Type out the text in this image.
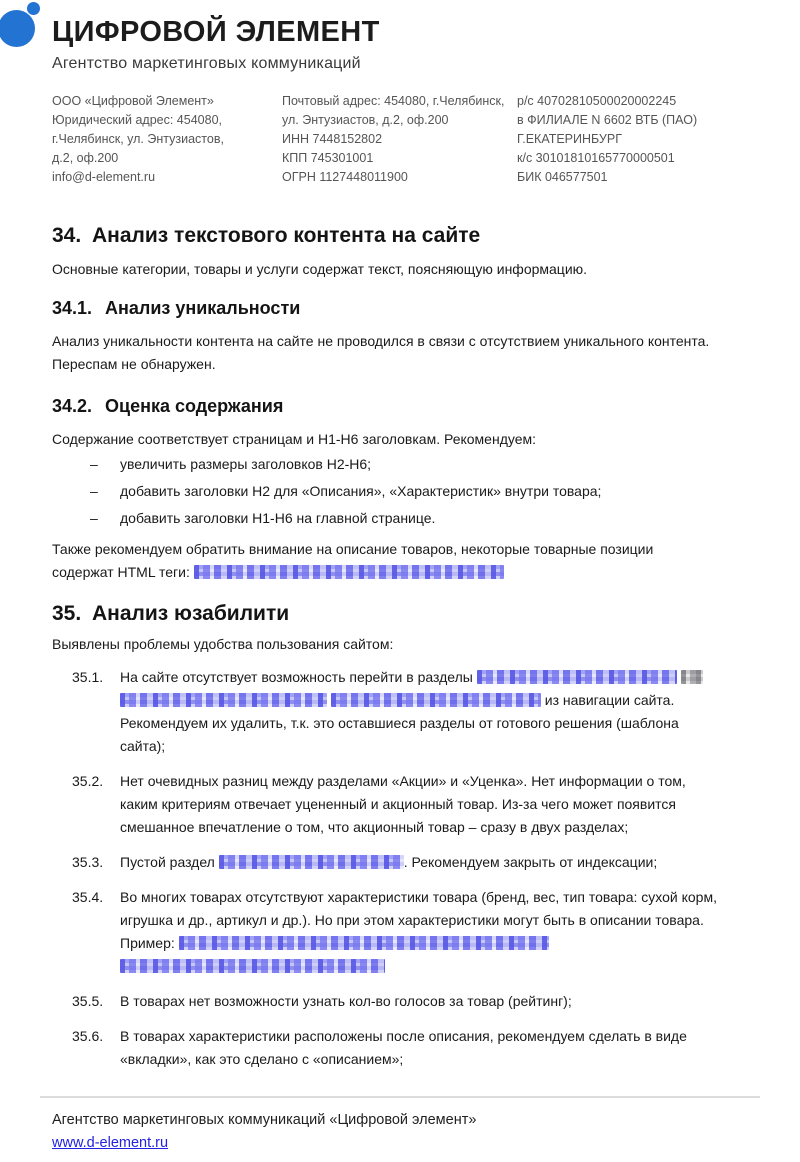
ЦИФРОВОЙ ЭЛЕМЕНТ
Агентство маркетинговых коммуникаций
ООО «Цифровой Элемент»
Юридический адрес: 454080,
г.Челябинск, ул. Энтузиастов,
д.2, оф.200
info@d-element.ru
Почтовый адрес: 454080, г.Челябинск,
ул. Энтузиастов, д.2, оф.200
ИНН 7448152802
КПП 745301001
ОГРН 1127448011900
р/с 40702810500020002245
в ФИЛИАЛЕ N 6602 ВТБ (ПАО)
Г.ЕКАТЕРИНБУРГ
к/с 30101810165770000501
БИК 046577501
34. Анализ текстового контента на сайте

Основные категории, товары и услуги содержат текст, поясняющую информацию.

34.1. Анализ уникальности

Анализ уникальности контента на сайте не проводился в связи с отсутствием уникального контента. Переспам не обнаружен.

34.2. Оценка содержания

Содержание соответствует страницам и H1-H6 заголовкам. Рекомендуем:

–	увеличить размеры заголовков H2-H6;
–	добавить заголовки H2 для «Описания», «Характеристик» внутри товара;
–	добавить заголовки H1-H6 на главной странице.

Также рекомендуем обратить внимание на описание товаров, некоторые товарные позиции содержат HTML теги:

35. Анализ юзабилити

Выявлены проблемы удобства пользования сайтом:

35.1.	На сайте отсутствует возможность перейти в разделы     из навигации сайта. Рекомендуем их удалить, т.к. это оставшиеся разделы от готового решения (шаблона сайта);
35.2.	Нет очевидных разниц между разделами «Акции» и «Уценка». Нет информации о том, каким критериям отвечает уцененный и акционный товар. Из-за чего может появится смешанное впечатление о том, что акционный товар – сразу в двух разделах;
35.3.	Пустой раздел	. Рекомендуем закрыть от индексации;
35.4.	Во многих товарах отсутствуют характеристики товара (бренд, вес, тип товара: сухой корм, игрушка и др., артикул и др.). Но при этом характеристики могут быть в описании товара. Пример:
35.5.	В товарах нет возможности узнать кол-во голосов за товар (рейтинг);
35.6.	В товарах характеристики расположены после описания, рекомендуем сделать в виде «вкладки», как это сделано с «описанием»;
Агентство маркетинговых коммуникаций «Цифровой элемент»
www.d-element.ru
